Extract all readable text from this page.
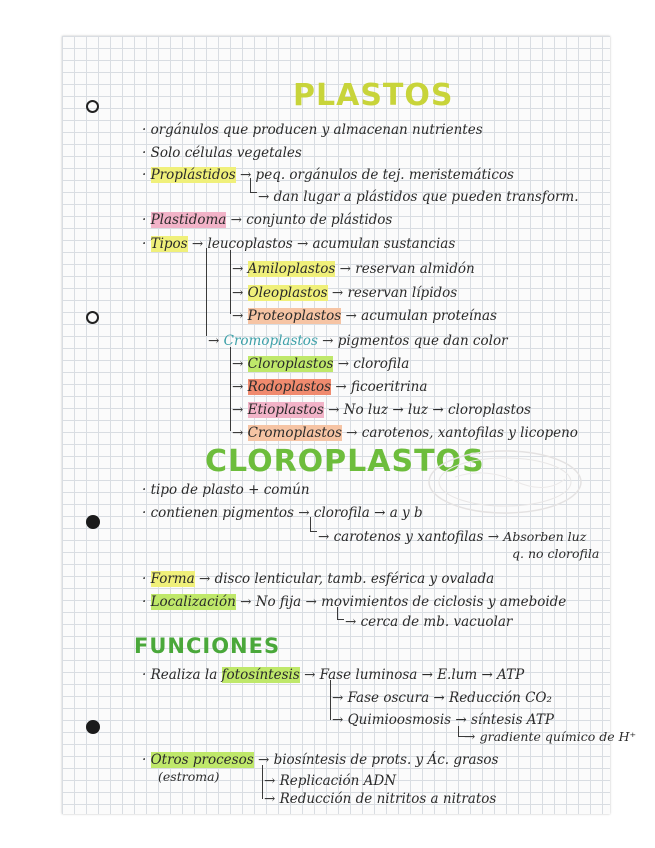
PLASTOS
· orgánulos que producen y almacenan nutrientes
· Solo células vegetales
· Proplástidos → peq. orgánulos de tej. meristemáticos
→ dan lugar a plástidos que pueden transform.
· Plastidoma → conjunto de plástidos
· Tipos → leucoplastos → acumulan sustancias
→ Amiloplastos → reservan almidón
→ Oleoplastos → reservan lípidos
→ Proteoplastos → acumulan proteínas
→ Cromoplastos → pigmentos que dan color
→ Cloroplastos → clorofila
→ Rodoplastos → ficoeritrina
→ Etioplastos → No luz → luz → cloroplastos
→ Cromoplastos → carotenos, xantofilas y licopeno
CLOROPLASTOS
· tipo de plasto + común
· contienen pigmentos → clorofila → a y b
→ carotenos y xantofilas → Absorben luz
q. no clorofila
· Forma → disco lenticular, tamb. esférica y ovalada
· Localización → No fija → movimientos de ciclosis y ameboide
→ cerca de mb. vacuolar
FUNCIONES
· Realiza la fotosíntesis → Fase luminosa → E.lum → ATP
→ Fase oscura → Reducción CO₂
→ Quimioosmosis → síntesis ATP
→ gradiente químico de H⁺
· Otros procesos → biosíntesis de prots. y Ác. grasos
(estroma)	→ Replicación ADN
→ Reducción de nitritos a nitratos
